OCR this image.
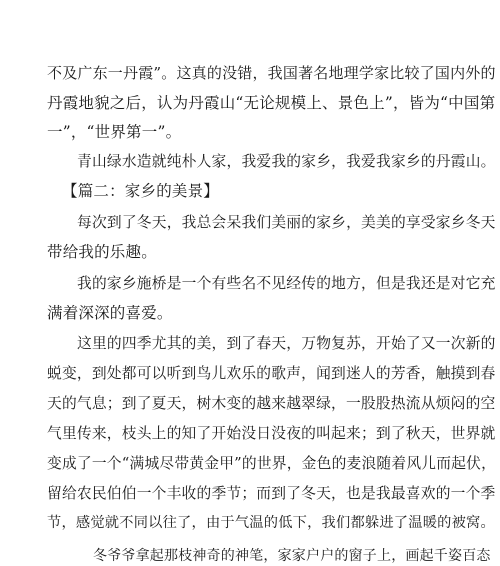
不及广东一丹霞”。这真的没错，我国著名地理学家比较了国内外的
丹霞地貌之后，认为丹霞山“无论规模上、景色上”，皆为“中国第
一”，“世界第一”。
青山绿水造就纯朴人家，我爱我的家乡，我爱我家乡的丹霞山。
【篇二：家乡的美景】
每次到了冬天，我总会呆我们美丽的家乡，美美的享受家乡冬天
带给我的乐趣。
我的家乡施桥是一个有些名不见经传的地方，但是我还是对它充
满着深深的喜爱。
这里的四季尤其的美，到了春天，万物复苏，开始了又一次新的
蜕变，到处都可以听到鸟儿欢乐的歌声，闻到迷人的芳香，触摸到春
天的气息；到了夏天，树木变的越来越翠绿，一股股热流从烦闷的空
气里传来，枝头上的知了开始没日没夜的叫起来；到了秋天，世界就
变成了一个“满城尽带黄金甲”的世界，金色的麦浪随着风儿而起伏，
留给农民伯伯一个丰收的季节；而到了冬天，也是我最喜欢的一个季
节，感觉就不同以往了，由于气温的低下，我们都躲进了温暖的被窝。
冬爷爷拿起那枝神奇的神笔，家家户户的窗子上，画起千姿百态
